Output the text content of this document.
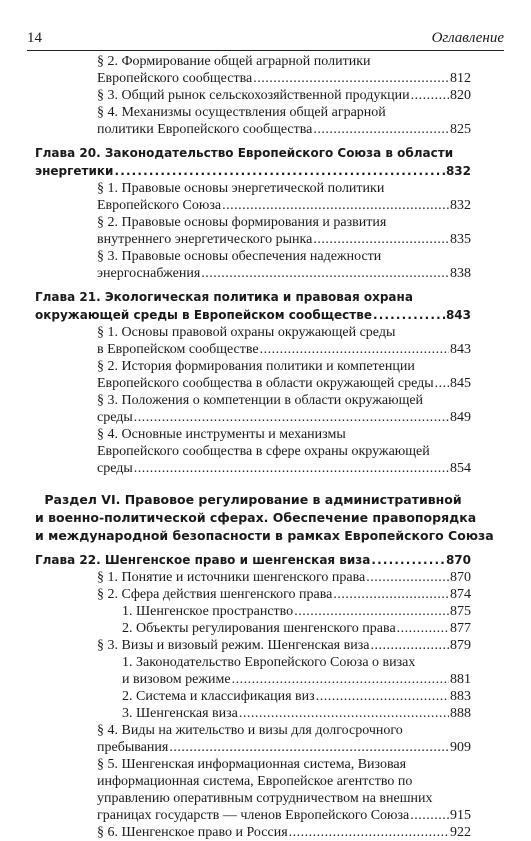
14	Оглавление
§ 2. Формирование общей аграрной политики
Европейского сообщества . . .	812
§ 3. Общий рынок сельскохозяйственной продукции . . .	820
§ 4. Механизмы осуществления общей аграрной
политики Европейского сообщества . . .	825
Глава 20. Законодательство Европейского Союза в области
энергетики . . .	832
§ 1. Правовые основы энергетической политики
Европейского Союза . . .	832
§ 2. Правовые основы формирования и развития
внутреннего энергетического рынка . . .	835
§ 3. Правовые основы обеспечения надежности
энергоснабжения . . .	838
Глава 21. Экологическая политика и правовая охрана
окружающей среды в Европейском сообществе . . .	843
§ 1. Основы правовой охраны окружающей среды
в Европейском сообществе . . .	843
§ 2. История формирования политики и компетенции
Европейского сообщества в области окружающей среды . . . 845
§ 3. Положения о компетенции в области окружающей
среды . . .	849
§ 4. Основные инструменты и механизмы
Европейского сообщества в сфере охраны окружающей
среды . . .	854
Раздел VI. Правовое регулирование в административной
и военно-политической сферах. Обеспечение правопорядка
и международной безопасности в рамках Европейского Союза
Глава 22. Шенгенское право и шенгенская виза . . .	870
§ 1. Понятие и источники шенгенского права . . .	870
§ 2. Сфера действия шенгенского права . . .	874
1. Шенгенское пространство . . .	875
2. Объекты регулирования шенгенского права . . .	877
§ 3. Визы и визовый режим. Шенгенская виза . . .	879
1. Законодательство Европейского Союза о визах
и визовом режиме . . .	881
2. Система и классификация виз . . .	883
3. Шенгенская виза . . .	888
§ 4. Виды на жительство и визы для долгосрочного
пребывания . . .	909
§ 5. Шенгенская информационная система, Визовая
информационная система, Европейское агентство по
управлению оперативным сотрудничеством на внешних
границах государств — членов Европейского Союза . . .	915
§ 6. Шенгенское право и Россия . . .	922
